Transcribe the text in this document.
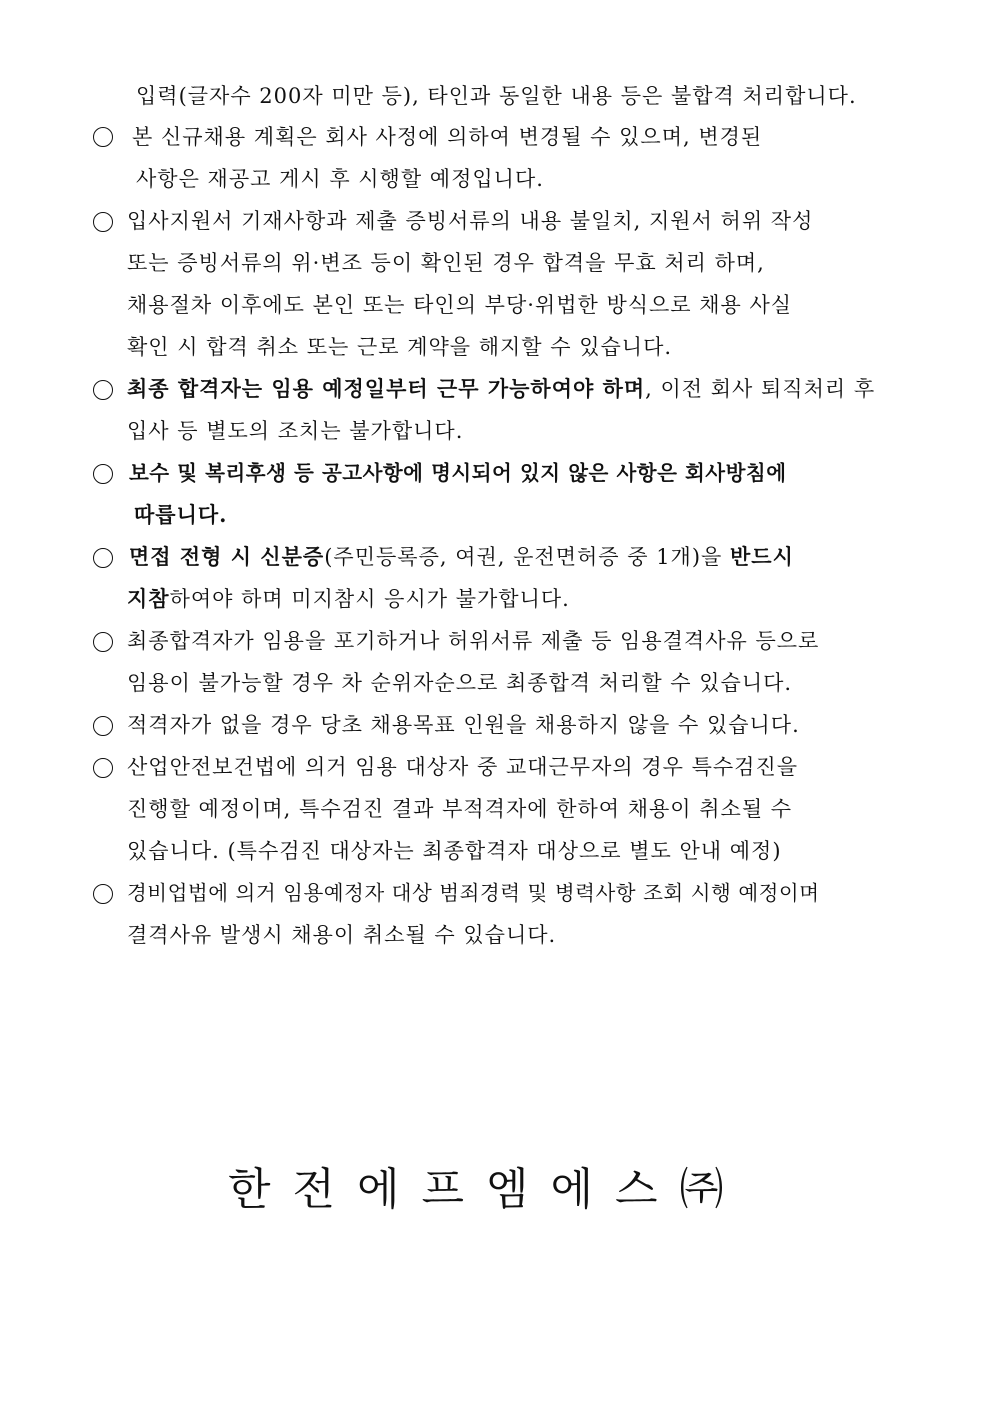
입력(글자수 200자 미만 등), 타인과 동일한 내용 등은 불합격 처리합니다.
본 신규채용 계획은 회사 사정에 의하여 변경될 수 있으며, 변경된
사항은 재공고 게시 후 시행할 예정입니다.
입사지원서 기재사항과 제출 증빙서류의 내용 불일치, 지원서 허위 작성
또는 증빙서류의 위·변조 등이 확인된 경우 합격을 무효 처리 하며,
채용절차 이후에도 본인 또는 타인의 부당·위법한 방식으로 채용 사실
확인 시 합격 취소 또는 근로 계약을 해지할 수 있습니다.
최종 합격자는 임용 예정일부터 근무 가능하여야 하며, 이전 회사 퇴직처리 후
입사 등 별도의 조치는 불가합니다.
보수 및 복리후생 등 공고사항에 명시되어 있지 않은 사항은 회사방침에
따릅니다.
면접 전형 시 신분증(주민등록증, 여권, 운전면허증 중 1개)을 반드시
지참하여야 하며 미지참시 응시가 불가합니다.
최종합격자가 임용을 포기하거나 허위서류 제출 등 임용결격사유 등으로
임용이 불가능할 경우 차 순위자순으로 최종합격 처리할 수 있습니다.
적격자가 없을 경우 당초 채용목표 인원을 채용하지 않을 수 있습니다.
산업안전보건법에 의거 임용 대상자 중 교대근무자의 경우 특수검진을
진행할 예정이며, 특수검진 결과 부적격자에 한하여 채용이 취소될 수
있습니다. (특수검진 대상자는 최종합격자 대상으로 별도 안내 예정)
경비업법에 의거 임용예정자 대상 범죄경력 및 병력사항 조회 시행 예정이며
결격사유 발생시 채용이 취소될 수 있습니다.
한전에프엠에스㈜
